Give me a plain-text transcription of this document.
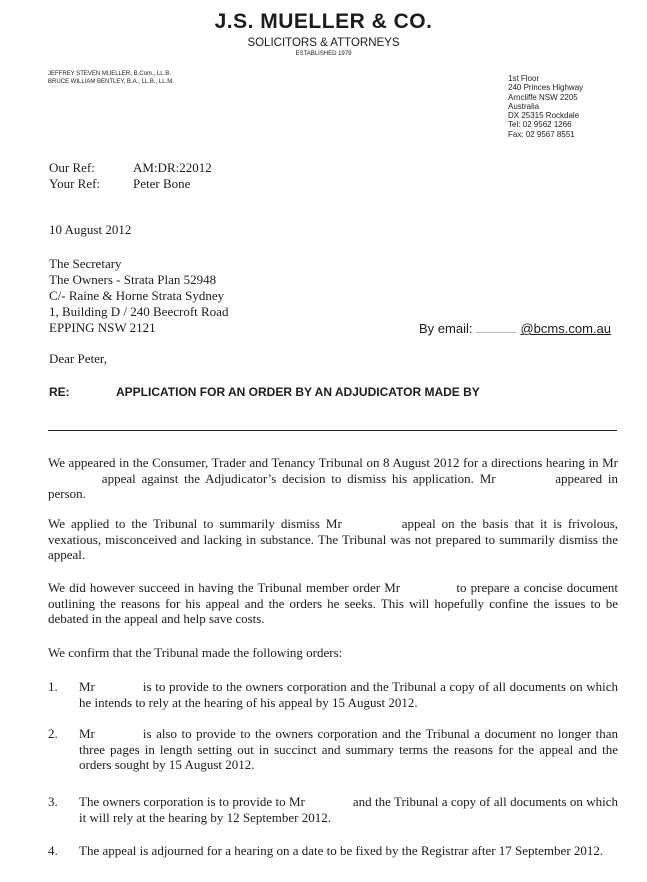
J.S. MUELLER & CO.
SOLICITORS & ATTORNEYS
ESTABLISHED 1979
JEFFREY STEVEN MUELLER, B.Com., LL.B.
BRUCE WILLIAM BENTLEY, B.A., LL.B., LL.M.	1st Floor
240 Princes Highway
Arncliffe NSW 2205
Australia
DX 25315 Rockdale
Tel: 02 9562 1266
Fax: 02 9567 8551
Our Ref:	AM:DR:22012
Your Ref:	Peter Bone
10 August 2012
The Secretary
The Owners - Strata Plan 52948
C/- Raine & Horne Strata Sydney
1, Building D / 240 Beecroft Road
EPPING NSW 2121	By email:	@bcms.com.au
Dear Peter,
RE:	APPLICATION FOR AN ORDER BY AN ADJUDICATOR MADE BY
We appeared in the Consumer, Trader and Tenancy Tribunal on 8 August 2012 for a directions hearing in Mr  appeal against the Adjudicator’s decision to dismiss his application. Mr	appeared in person.
We applied to the Tribunal to summarily dismiss Mr	appeal on the basis that it is frivolous, vexatious, misconceived and lacking in substance. The Tribunal was not prepared to summarily dismiss the appeal.
We did however succeed in having the Tribunal member order Mr	to prepare a concise document outlining the reasons for his appeal and the orders he seeks. This will hopefully confine the issues to be debated in the appeal and help save costs.
We confirm that the Tribunal made the following orders:
1.	Mr	is to provide to the owners corporation and the Tribunal a copy of all documents on which he intends to rely at the hearing of his appeal by 15 August 2012.
2.	Mr	is also to provide to the owners corporation and the Tribunal a document no longer than three pages in length setting out in succinct and summary terms the reasons for the appeal and the orders sought by 15 August 2012.
3.	The owners corporation is to provide to Mr	and the Tribunal a copy of all documents on which it will rely at the hearing by 12 September 2012.
4.	The appeal is adjourned for a hearing on a date to be fixed by the Registrar after 17 September 2012.
